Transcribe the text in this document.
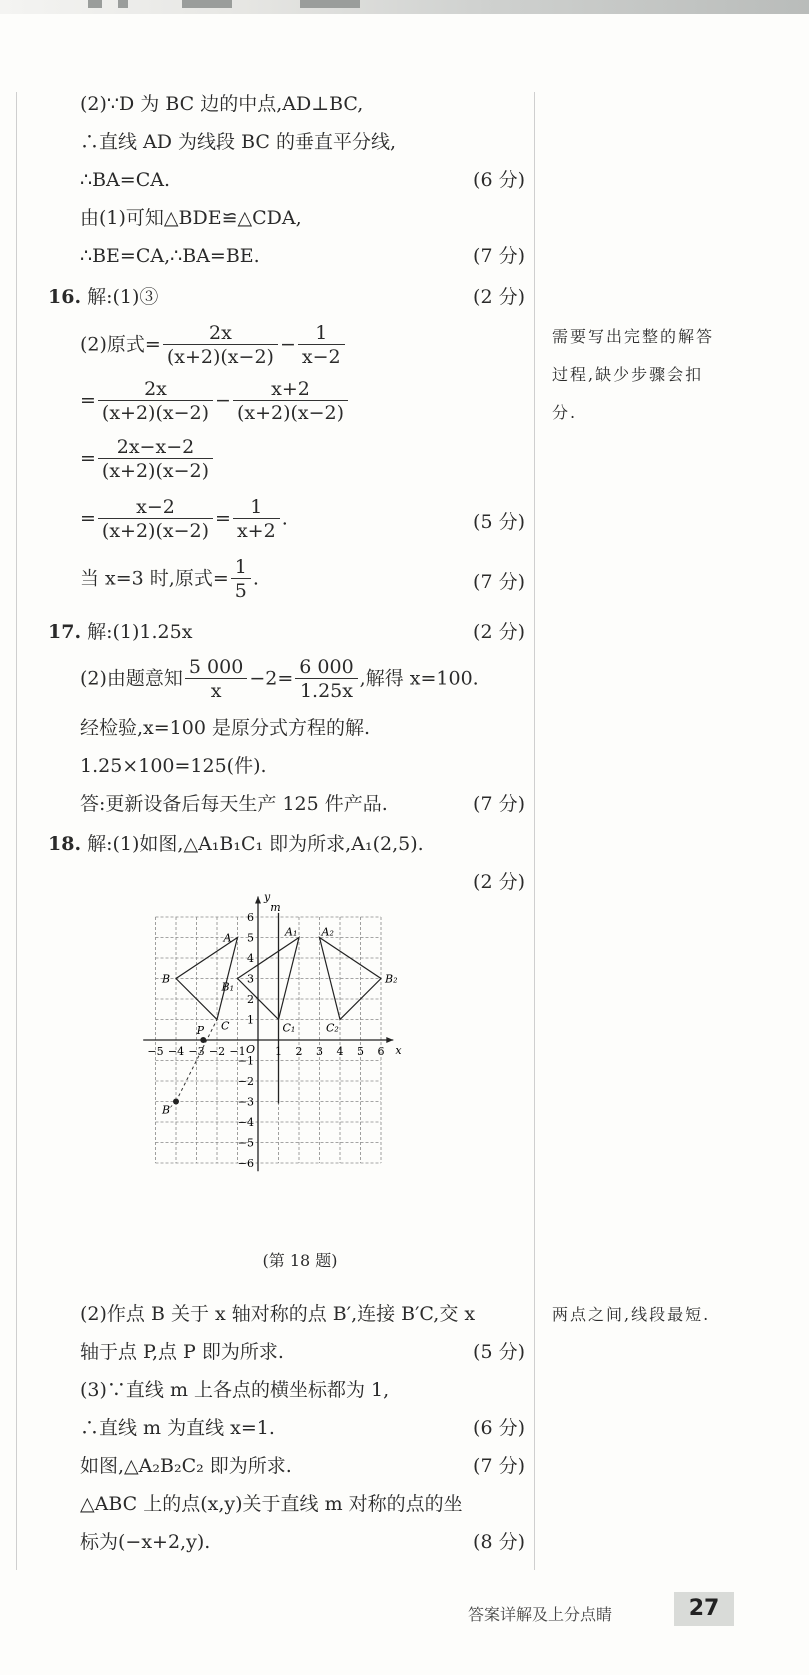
(2)∵D 为 BC 边的中点,AD⊥BC,
∴直线 AD 为线段 BC 的垂直平分线,
∴BA=CA.	(6 分)
由(1)可知△BDE≌△CDA,
∴BE=CA,∴BA=BE.	(7 分)
16. 解:(1)③	(2 分)
(2)原式= $\frac{2x}{(x+2)(x-2)} - \frac{1}{x-2}$
= $\frac{2x}{(x+2)(x-2)} - \frac{x+2}{(x+2)(x-2)}$
= $\frac{2x-x-2}{(x+2)(x-2)}$
= $\frac{x-2}{(x+2)(x-2)} = \frac{1}{x+2}$ .	(5 分)
当 x=3 时,原式= $\frac{1}{5}$ .	(7 分)
17. 解:(1)1.25x	(2 分)
(2)由题意知 $\frac{5 000}{x} -2= \frac{6 000}{1.25x}$ ,解得 x=100.
经检验,x=100 是原分式方程的解.
1.25×100=125(件).
答:更新设备后每天生产 125 件产品.	(7 分)
18. 解:(1)如图,△A₁B₁C₁ 即为所求,A₁(2,5).
(2 分)
m
x
y
O
−5 −4 −3 −2 −1	1 2 3 4 5 6
6
5
4
3
2
1
−1
−2
−3
−4
−5
−6
A
B
C
A₁
B₁
C₁
A₂
B₂
C₂
P
B′
(第 18 题)
(2)作点 B 关于 x 轴对称的点 B′,连接 B′C,交 x
轴于点 P,点 P 即为所求.	(5 分)
(3)∵直线 m 上各点的横坐标都为 1,
∴直线 m 为直线 x=1.	(6 分)
如图,△A₂B₂C₂ 即为所求.	(7 分)
△ABC 上的点(x,y)关于直线 m 对称的点的坐
标为(−x+2,y).	(8 分)
需要写出完整的解答
过程,缺少步骤会扣
分.
两点之间,线段最短.
答案详解及上分点睛	27
